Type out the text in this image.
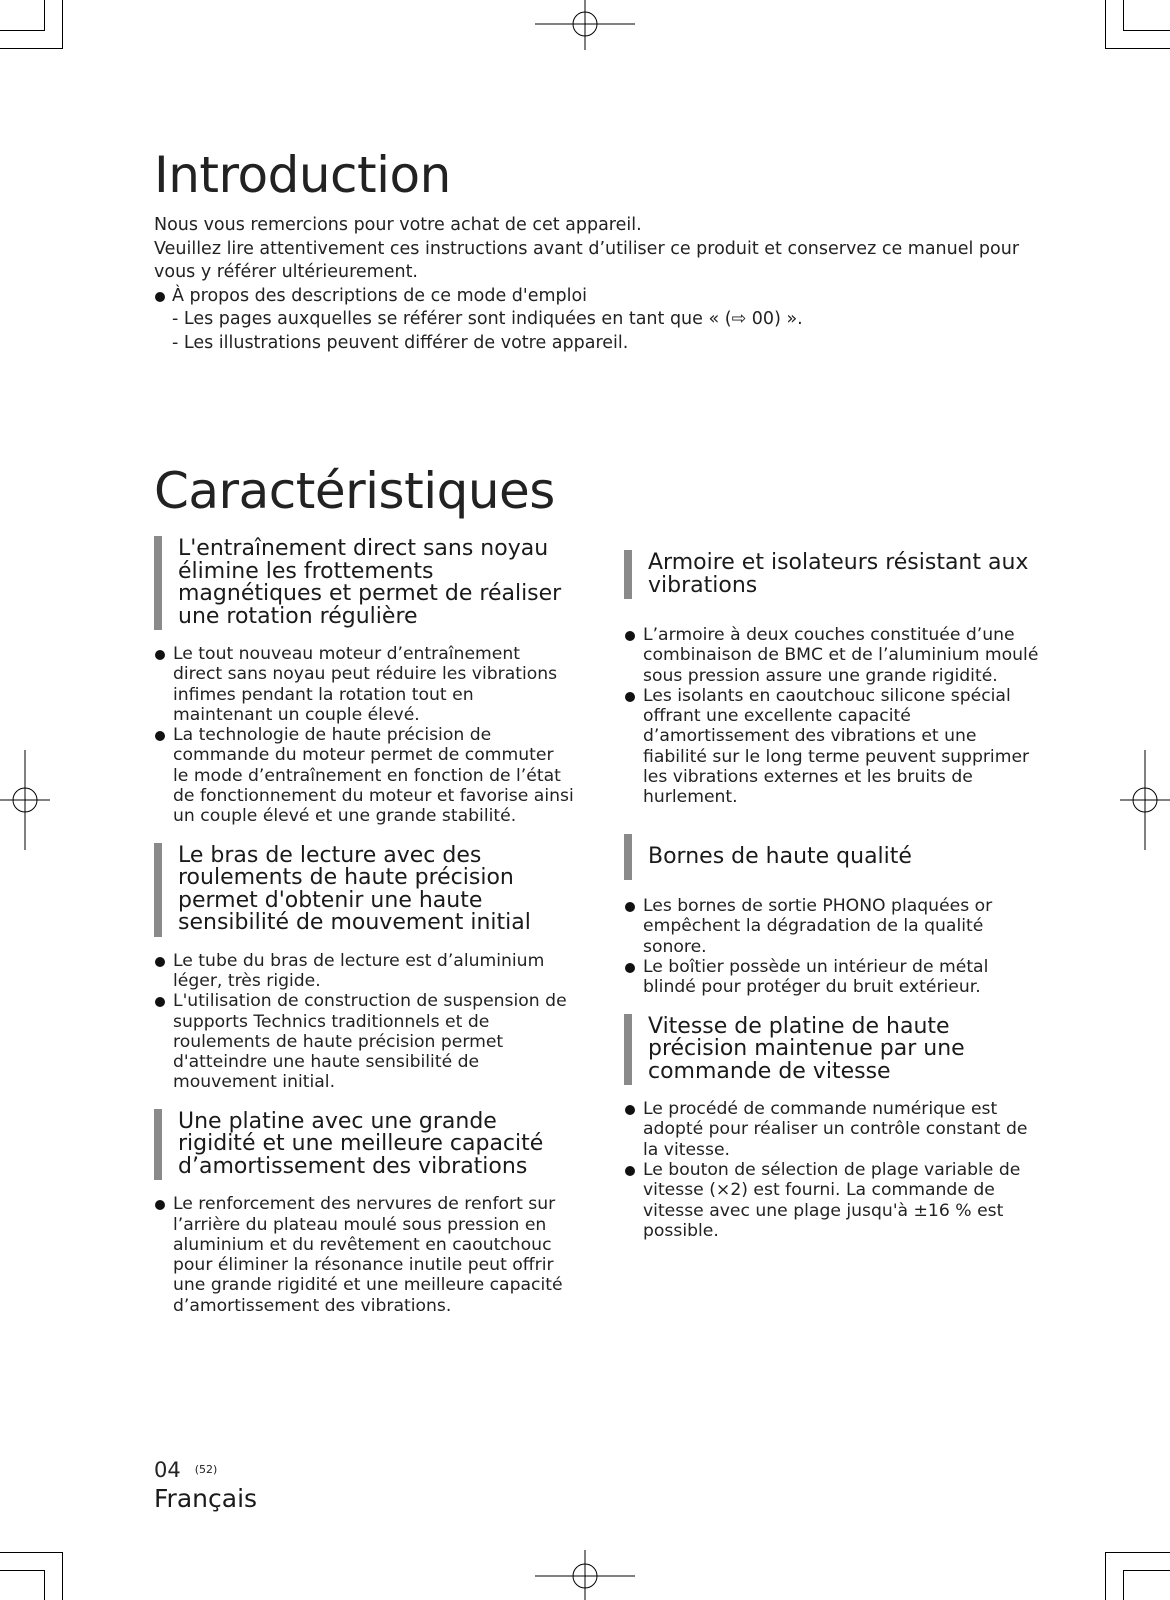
Introduction

Nous vous remercions pour votre achat de cet appareil.

Veuillez lire attentivement ces instructions avant d’utiliser ce produit et conservez ce manuel pour vous y référer ultérieurement.

À propos des descriptions de ce mode d'emploi

- Les pages auxquelles se référer sont indiquées en tant que « (⇨ 00) ».

- Les illustrations peuvent différer de votre appareil.

Caractéristiques
L'entraînement direct sans noyau élimine les frottements magnétiques et permet de réaliser une rotation régulière
Le tout nouveau moteur d’entraînement direct sans noyau peut réduire les vibrations infimes pendant la rotation tout en maintenant un couple élevé.
La technologie de haute précision de commande du moteur permet de commuter le mode d’entraînement en fonction de l’état de fonctionnement du moteur et favorise ainsi un couple élevé et une grande stabilité.
Le bras de lecture avec des roulements de haute précision permet d'obtenir une haute sensibilité de mouvement initial
Le tube du bras de lecture est d’aluminium léger, très rigide.
L'utilisation de construction de suspension de supports Technics traditionnels et de roulements de haute précision permet d'atteindre une haute sensibilité de mouvement initial.
Une platine avec une grande rigidité et une meilleure capacité d’amortissement des vibrations
Le renforcement des nervures de renfort sur l’arrière du plateau moulé sous pression en aluminium et du revêtement en caoutchouc pour éliminer la résonance inutile peut offrir une grande rigidité et une meilleure capacité d’amortissement des vibrations.
Armoire et isolateurs résistant aux vibrations
L’armoire à deux couches constituée d’une combinaison de BMC et de l’aluminium moulé sous pression assure une grande rigidité.
Les isolants en caoutchouc silicone spécial offrant une excellente capacité d’amortissement des vibrations et une fiabilité sur le long terme peuvent supprimer les vibrations externes et les bruits de hurlement.
Bornes de haute qualité
Les bornes de sortie PHONO plaquées or empêchent la dégradation de la qualité sonore.
Le boîtier possède un intérieur de métal blindé pour protéger du bruit extérieur.
Vitesse de platine de haute précision maintenue par une commande de vitesse
Le procédé de commande numérique est adopté pour réaliser un contrôle constant de la vitesse.
Le bouton de sélection de plage variable de vitesse (×2) est fourni. La commande de vitesse avec une plage jusqu'à ±16 % est possible.
04 (52)
Français
